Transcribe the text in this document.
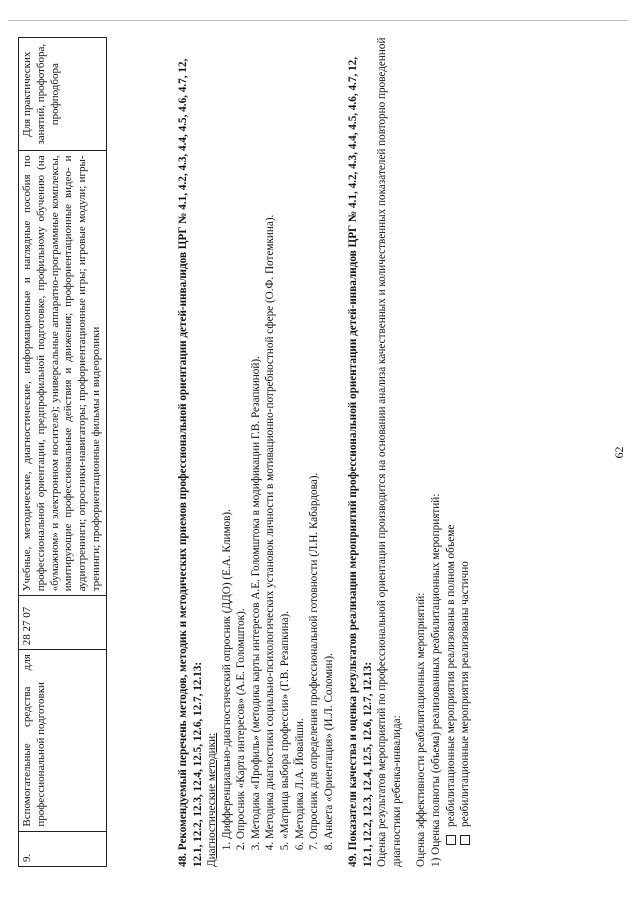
9.	Вспомогательные средства для профессиональной подготовки	28 27 07	Учебные, методические, диагностические, информационные и наглядные пособия по профессиональной ориентации, предпрофильной подготовке, профильному обучению (на «бумажном» и электронном носителе); универсальные аппаратно-программные комплексы, имитирующие профессиональные действия и движения; профориентационные видео- и аудиотренинги; опросники-навигаторы; профориентационные игры; игровые модули; игры-тренинги; профориентационные фильмы и видеоролики	Для практических занятий, профотбора, профподбора	48. Рекомендуемый перечень методов, методик и методических приемов профессиональной ориентации детей-инвалидов ЦРГ № 4.1, 4.2, 4.3, 4.4, 4.5, 4.6, 4.7, 12, 12.1, 12.2, 12.3, 12.4, 12.5, 12.6, 12.7, 12.13: Диагностические методики: 1. Дифференциально-диагностический опросник (ДДО) (Е.А. Климов). 2. Опросник «Карта интересов» (А.Е. Голомшток). 3. Методика «Профиль» (методика карты интересов А.Е. Голомштока в модификации Г.В. Резапкиной). 4. Методика диагностики социально-психологических установок личности в мотивационно-потребностной сфере (О.Ф. Потемкина). 5. «Матрица выбора профессии» (Г.В. Резапкина). 6. Методика Л.А. Йовайши. 7. Опросник для определения профессиональной готовности (Л.Н. Кабардова). 8. Анкета «Ориентация» (И.Л. Соломин). 49. Показатели качества и оценка результатов реализации мероприятий профессиональной ориентации детей-инвалидов ЦРГ № 4.1, 4.2, 4.3, 4.4, 4.5, 4.6, 4.7, 12, 12.1, 12.2, 12.3, 12.4, 12.5, 12.6, 12.7, 12.13: Оценка результатов мероприятий по профессиональной ориентации производится на основании анализа качественных и количественных показателей повторно проведенной диагностики ребенка-инвалида: Оценка эффективности реабилитационных мероприятий: 1) Оценка полноты (объема) реализованных реабилитационных мероприятий: реабилитационные мероприятия реализованы в полном объеме реабилитационные мероприятия реализованы частично
62
